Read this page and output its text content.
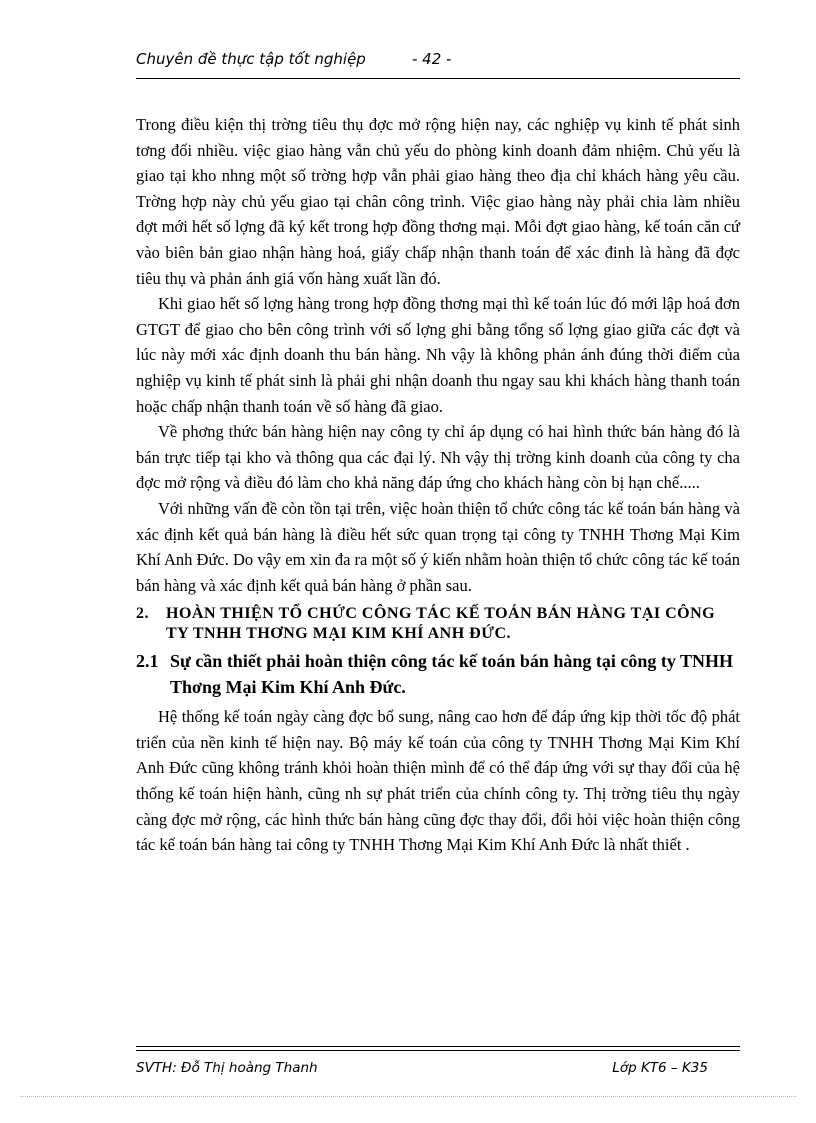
Chuyên đề thực tập tốt nghiệp	- 42 -

Trong điều kiện thị trờng tiêu thụ đợc mở rộng hiện nay, các nghiệp vụ kinh tế phát sinh tơng đối nhiều. việc giao hàng vẫn chủ yếu do phòng kinh doanh đảm nhiệm. Chủ yếu là giao tại kho nhng một số trờng hợp vẫn phải giao hàng theo địa chỉ khách hàng yêu cầu. Trờng hợp này chủ yếu giao tại chân công trình. Việc giao hàng này phải chia làm nhiều đợt mới hết số lợng đã ký kết trong hợp đồng thơng mại. Mỗi đợt giao hàng, kế toán căn cứ vào biên bản giao nhận hàng hoá, giấy chấp nhận thanh toán để xác đinh là hàng đã đợc tiêu thụ và phản ánh giá vốn hàng xuất lần đó.

Khi giao hết số lợng hàng trong hợp đồng thơng mại thì kế toán lúc đó mới lập hoá đơn GTGT để giao cho bên công trình với số lợng ghi bằng tổng số lợng giao giữa các đợt và lúc này mới xác định doanh thu bán hàng. Nh vậy là không phản ánh đúng thời điểm của nghiệp vụ kinh tế phát sinh là phải ghi nhận doanh thu ngay sau khi khách hàng thanh toán hoặc chấp nhận thanh toán về số hàng đã giao.

Về phơng thức bán hàng hiện nay công ty chỉ áp dụng có hai hình thức bán hàng đó là bán trực tiếp tại kho và thông qua các đại lý. Nh vậy thị trờng kinh doanh của công ty cha đợc mở rộng và điều đó làm cho khả năng đáp ứng cho khách hàng còn bị hạn chế.....

Với những vấn đề còn tồn tại trên, việc hoàn thiện tổ chức công tác kế toán bán hàng và xác định kết quả bán hàng là điều hết sức quan trọng tại công ty TNHH Thơng Mại Kim Khí Anh Đức. Do vậy em xin đa ra một số ý kiến nhằm hoàn thiện tổ chức công tác kế toán bán hàng và xác định kết quả bán hàng ở phần sau.

2.	HOÀN THIỆN TỔ CHỨC CÔNG TÁC KẾ TOÁN BÁN HÀNG TẠI CÔNG TY TNHH THƠNG MẠI KIM KHÍ ANH ĐỨC.
2.1 Sự cần thiết phải hoàn thiện công tác kế toán bán hàng tại công ty TNHH Thơng Mại Kim Khí Anh Đức.

Hệ thống kế toán ngày càng đợc bổ sung, nâng cao hơn để đáp ứng kịp thời tốc độ phát triển của nền kinh tế hiện nay. Bộ máy kế toán của công ty TNHH Thơng Mại Kim Khí Anh Đức cũng không tránh khỏi hoàn thiện mình để có thể đáp ứng với sự thay đổi của hệ thống kế toán hiện hành, cũng nh sự phát triển của chính công ty. Thị trờng tiêu thụ ngày càng đợc mở rộng, các hình thức bán hàng cũng đợc thay đổi, đổi hỏi việc hoàn thiện công tác kế toán bán hàng tai công ty TNHH Thơng Mại Kim Khí Anh Đức là nhất thiết .

SVTH: Đỗ Thị hoàng Thanh	Lớp KT6 – K35
